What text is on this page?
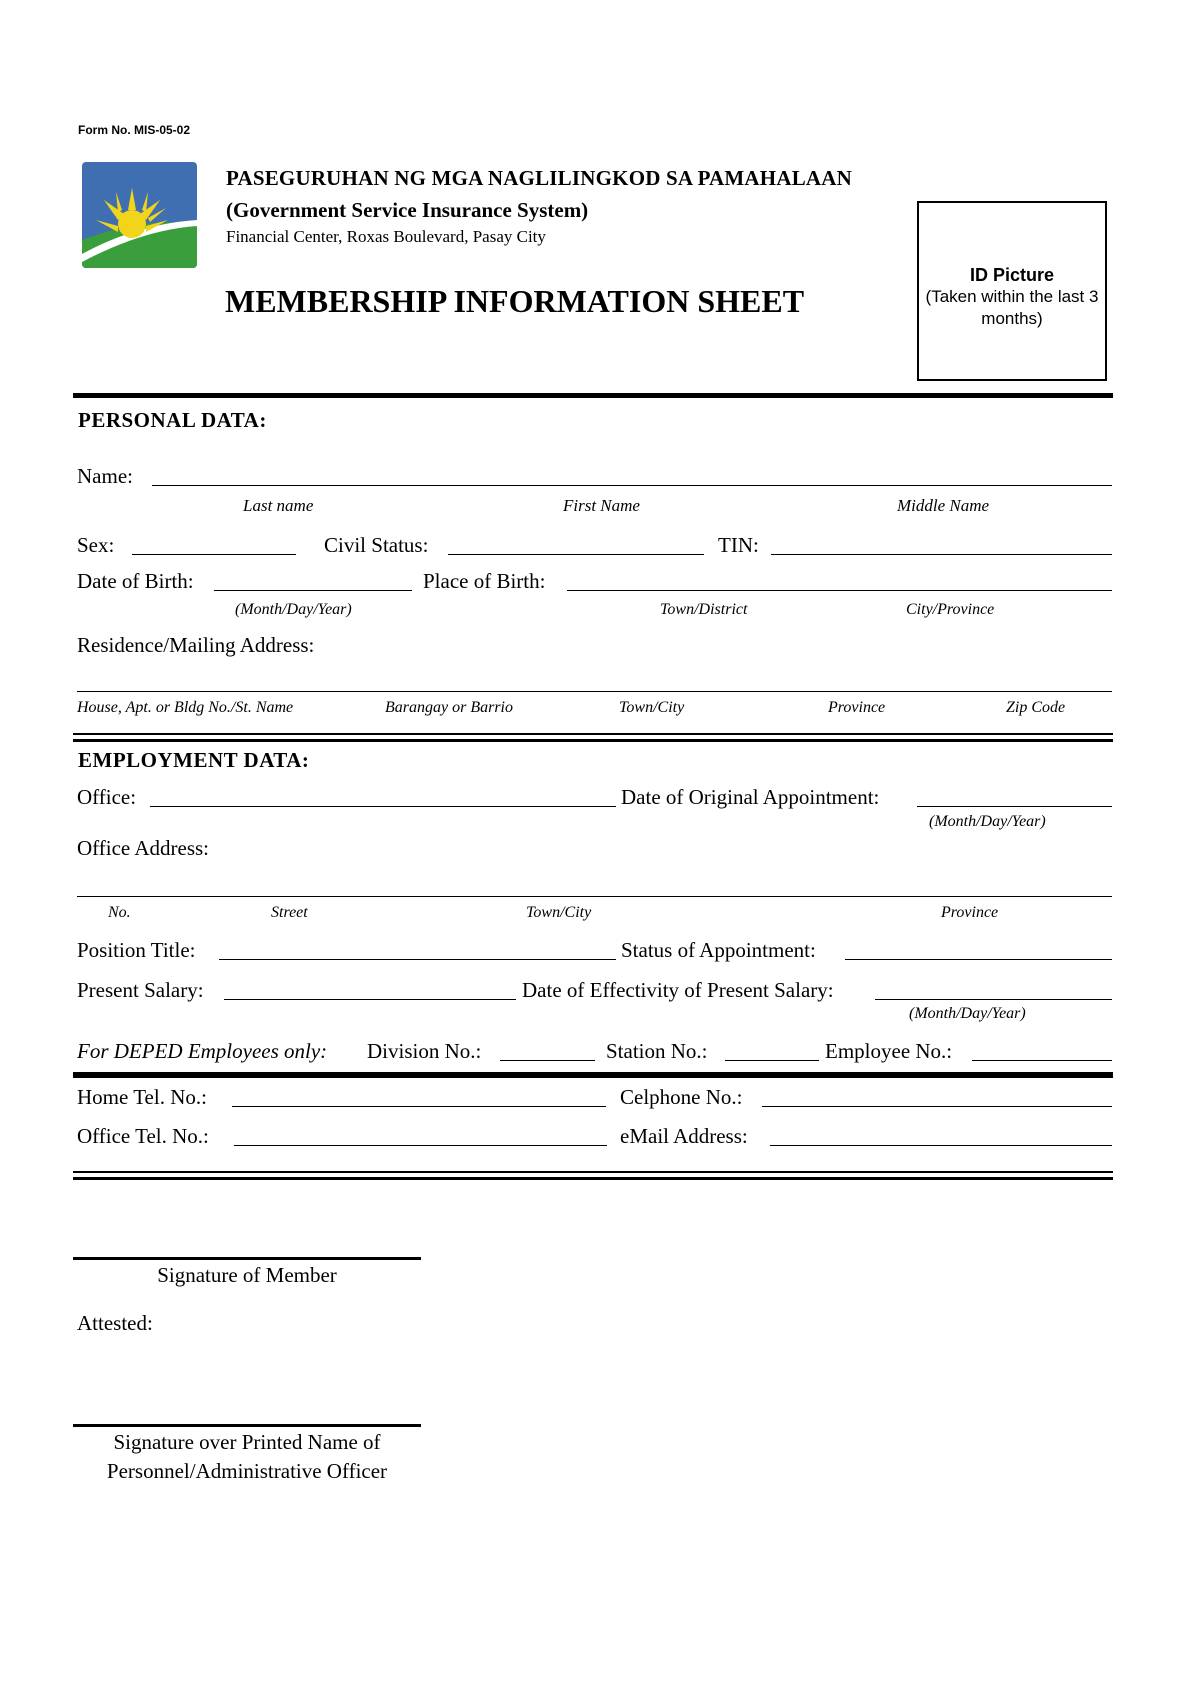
Form No. MIS-05-02
PASEGURUHAN NG MGA NAGLILINGKOD SA PAMAHALAAN
(Government Service Insurance System)
Financial Center, Roxas Boulevard, Pasay City
MEMBERSHIP INFORMATION SHEET
ID Picture
(Taken within the last 3 months)
PERSONAL DATA:
Name:
Last name	First Name	Middle Name
Sex:	Civil Status:	TIN:
Date of Birth:	Place of Birth:
(Month/Day/Year)	Town/District	City/Province
Residence/Mailing Address:
House, Apt. or Bldg No./St. Name	Barangay or Barrio	Town/City	Province	Zip Code
EMPLOYMENT DATA:
Office:	Date of Original Appointment:
(Month/Day/Year)
Office Address:
No.	Street	Town/City	Province
Position Title:	Status of Appointment:
Present Salary:	Date of Effectivity of Present Salary:
(Month/Day/Year)
For DEPED Employees only: Division No.:	Station No.:	Employee No.:
Home Tel. No.:	Celphone No.:
Office Tel. No.:	eMail Address:
Signature of Member
Attested:
Signature over Printed Name of
Personnel/Administrative Officer
